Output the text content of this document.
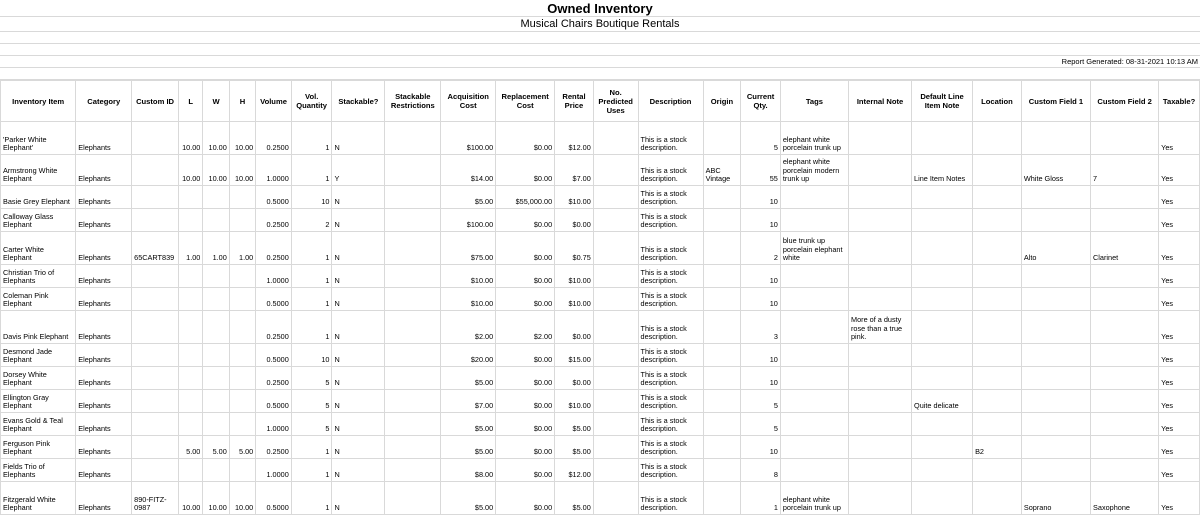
Owned Inventory
Musical Chairs Boutique Rentals
Report Generated: 08-31-2021 10:13 AM
Inventory Item	Category	Custom ID	L	W	H	Volume	Vol. Quantity	Stackable?	Stackable Restrictions	Acquisition Cost	Replacement Cost	Rental Price	No. Predicted Uses	Description	Origin	Current Qty.	Tags	Internal Note	Default Line Item Note	Location	Custom Field 1	Custom Field 2	Taxable?
'Parker White Elephant'	Elephants		10.00	10.00	10.00	0.2500	1	N		$100.00	$0.00	$12.00		This is a stock description.		5	elephant white porcelain trunk up						Yes
Armstrong White Elephant	Elephants		10.00	10.00	10.00	1.0000	1	Y		$14.00	$0.00	$7.00		This is a stock description.	ABC Vintage	55	elephant white porcelain modern trunk up		Line Item Notes		White Gloss	7	Yes
Basie Grey Elephant	Elephants					0.5000	10	N		$5.00	$55,000.00	$10.00		This is a stock description.		10							Yes
Calloway Glass Elephant	Elephants					0.2500	2	N		$100.00	$0.00	$0.00		This is a stock description.		10							Yes
Carter White Elephant	Elephants	65CART839	1.00	1.00	1.00	0.2500	1	N		$75.00	$0.00	$0.75		This is a stock description.		2	blue trunk up porcelain elephant white				Alto	Clarinet	Yes
Christian Trio of Elephants	Elephants					1.0000	1	N		$10.00	$0.00	$10.00		This is a stock description.		10							Yes
Coleman Pink Elephant	Elephants					0.5000	1	N		$10.00	$0.00	$10.00		This is a stock description.		10							Yes
Davis Pink Elephant	Elephants					0.2500	1	N		$2.00	$2.00	$0.00		This is a stock description.		3		More of a dusty rose than a true pink.					Yes
Desmond Jade Elephant	Elephants					0.5000	10	N		$20.00	$0.00	$15.00		This is a stock description.		10							Yes
Dorsey White Elephant	Elephants					0.2500	5	N		$5.00	$0.00	$0.00		This is a stock description.		10							Yes
Ellington Gray Elephant	Elephants					0.5000	5	N		$7.00	$0.00	$10.00		This is a stock description.		5			Quite delicate				Yes
Evans Gold & Teal Elephant	Elephants					1.0000	5	N		$5.00	$0.00	$5.00		This is a stock description.		5							Yes
Ferguson Pink Elephant	Elephants		5.00	5.00	5.00	0.2500	1	N		$5.00	$0.00	$5.00		This is a stock description.		10				B2			Yes
Fields Trio of Elephants	Elephants					1.0000	1	N		$8.00	$0.00	$12.00		This is a stock description.		8							Yes
Fitzgerald White Elephant	Elephants	890-FITZ-0987	10.00	10.00	10.00	0.5000	1	N		$5.00	$0.00	$5.00		This is a stock description.		1	elephant white porcelain trunk up				Soprano	Saxophone	Yes
